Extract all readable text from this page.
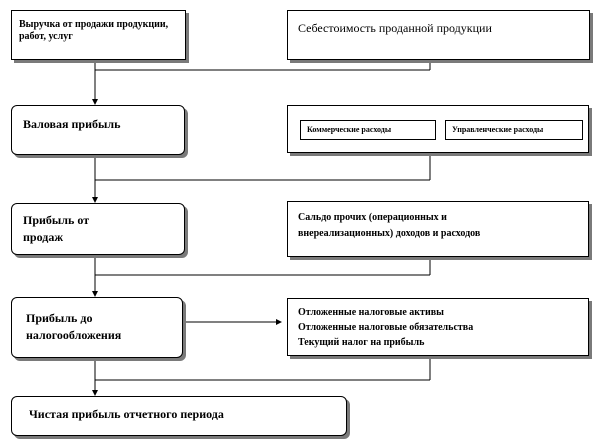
Выручка от продажи продукции, работ, услуг
Себестоимость проданной продукции
Валовая прибыль	Коммерческие расходы	Управленческие расходы
Прибыль от
продаж
Сальдо прочих (операционных и
внереализационных) доходов и расходов
Прибыль до
налогообложения
Отложенные налоговые активы
Отложенные налоговые обязательства
Текущий налог на прибыль
Чистая прибыль отчетного периода
